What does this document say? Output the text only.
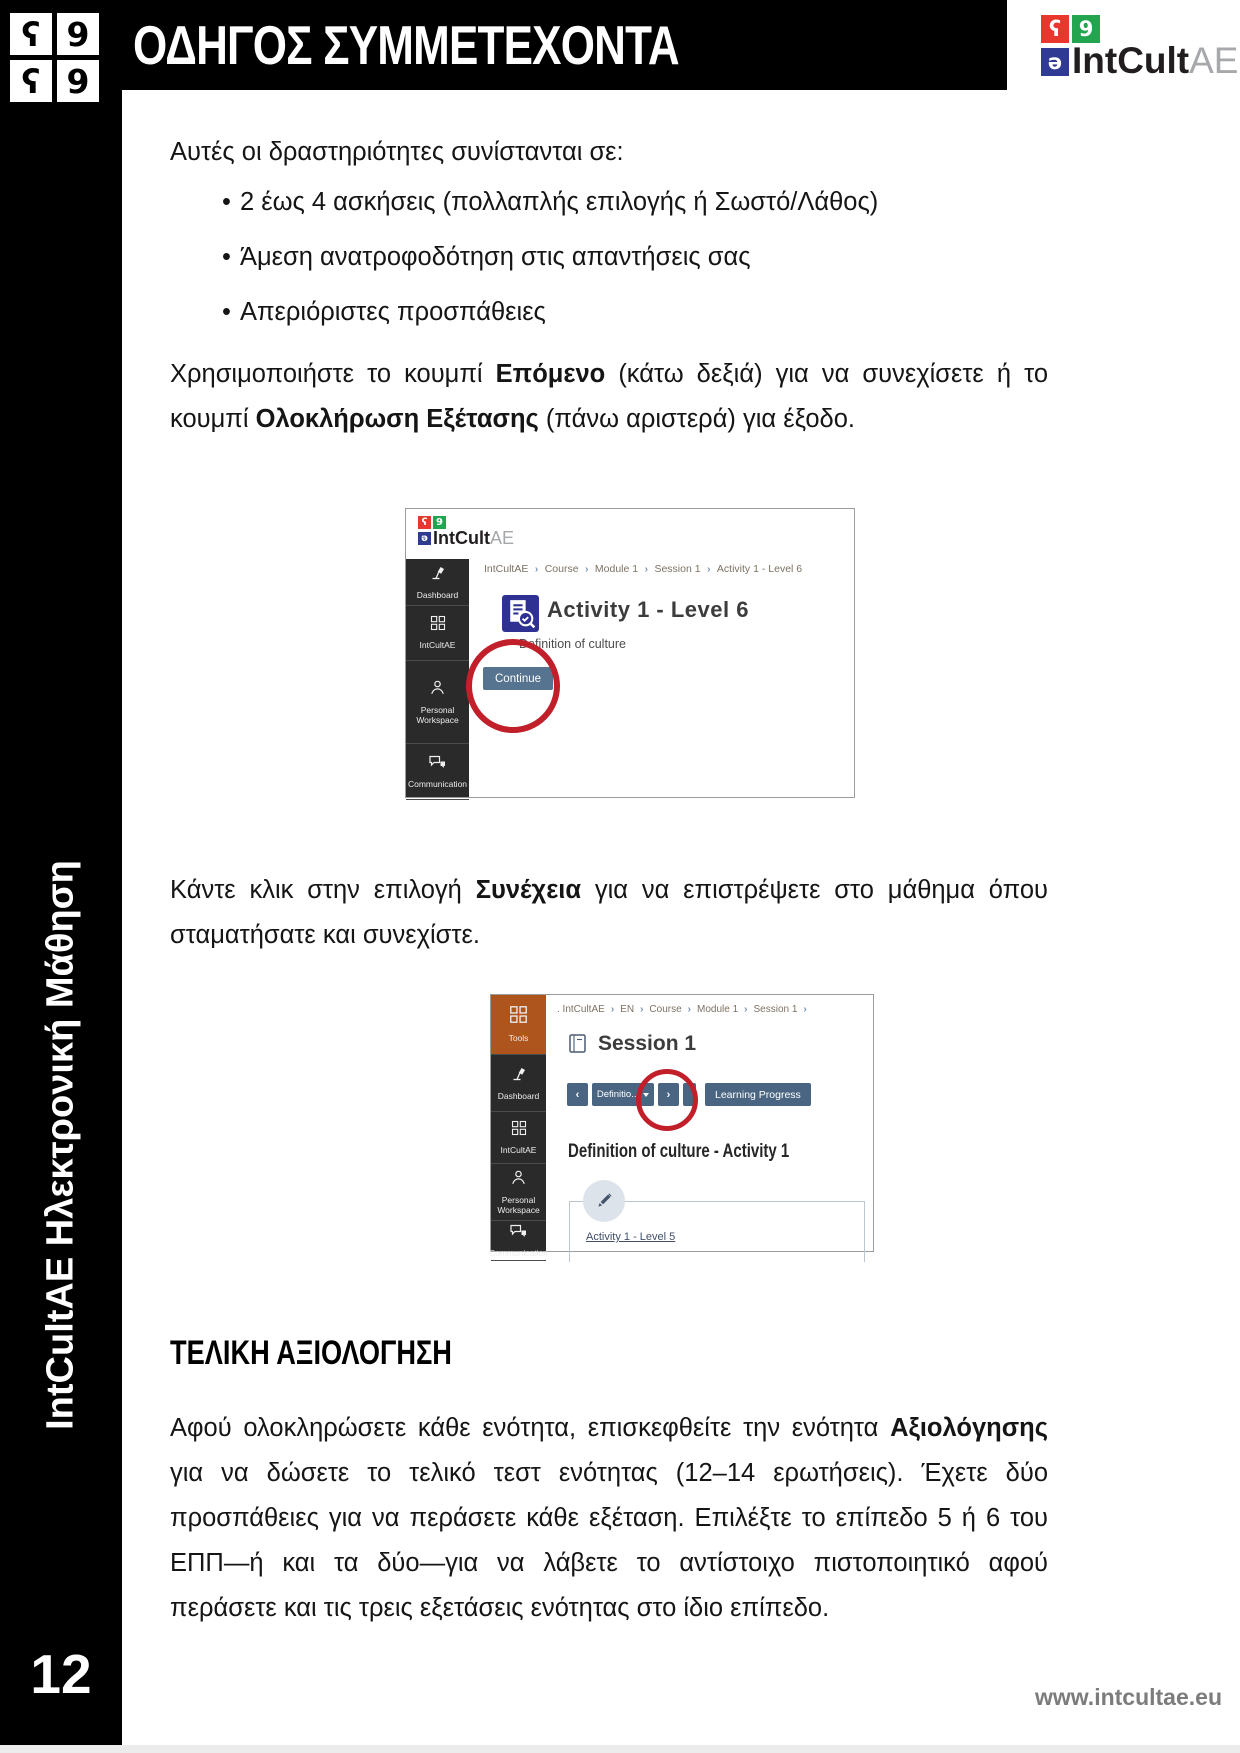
IntCultAE Ηλεκτρονική Μάθηση
12
ʕ 9
ʕ 9
ΟΔΗΓΟΣ ΣΥΜΜΕΤΕΧΟΝΤΑ	ʕ 9
ə IntCultAE

Αυτές οι δραστηριότητες συνίστανται σε:

• 2 έως 4 ασκήσεις (πολλαπλής επιλογής ή Σωστό/Λάθος)

• Άμεση ανατροφοδότηση στις απαντήσεις σας

• Απεριόριστες προσπάθειες

Χρησιμοποιήστε το κουμπί Επόμενο (κάτω δεξιά) για να συνεχίσετε ή το κουμπί Ολοκλήρωση Εξέτασης (πάνω αριστερά) για έξοδο.

ʕ 9
ə IntCultAE
IntCultAE › Course › Module 1 › Session 1 › Activity 1 - Level 6
Dashboard
IntCultAE
Personal Workspace
Communication
Activity 1 - Level 6
Definition of culture
Continue

Κάντε κλικ στην επιλογή Συνέχεια για να επιστρέψετε στο μάθημα όπου σταματήσατε και συνεχίστε.

Tools
Dashboard
IntCultAE
Personal Workspace
Communication
. IntCultAE › EN › Course › Module 1 › Session 1 ›
Session 1
‹	Definitio...	›	Learning Progress
Definition of culture - Activity 1
Activity 1 - Level 5
ΤΕΛΙΚΗ ΑΞΙΟΛΟΓΗΣΗ

Αφού ολοκληρώσετε κάθε ενότητα, επισκεφθείτε την ενότητα Αξιολόγησης για να δώσετε το τελικό τεστ ενότητας (12–14 ερωτήσεις). Έχετε δύο προσπάθειες για να περάσετε κάθε εξέταση. Επιλέξτε το επίπεδο 5 ή 6 του ΕΠΠ—ή και τα δύο—για να λάβετε το αντίστοιχο πιστοποιητικό αφού περάσετε και τις τρεις εξετάσεις ενότητας στο ίδιο επίπεδο.

www.intcultae.eu
